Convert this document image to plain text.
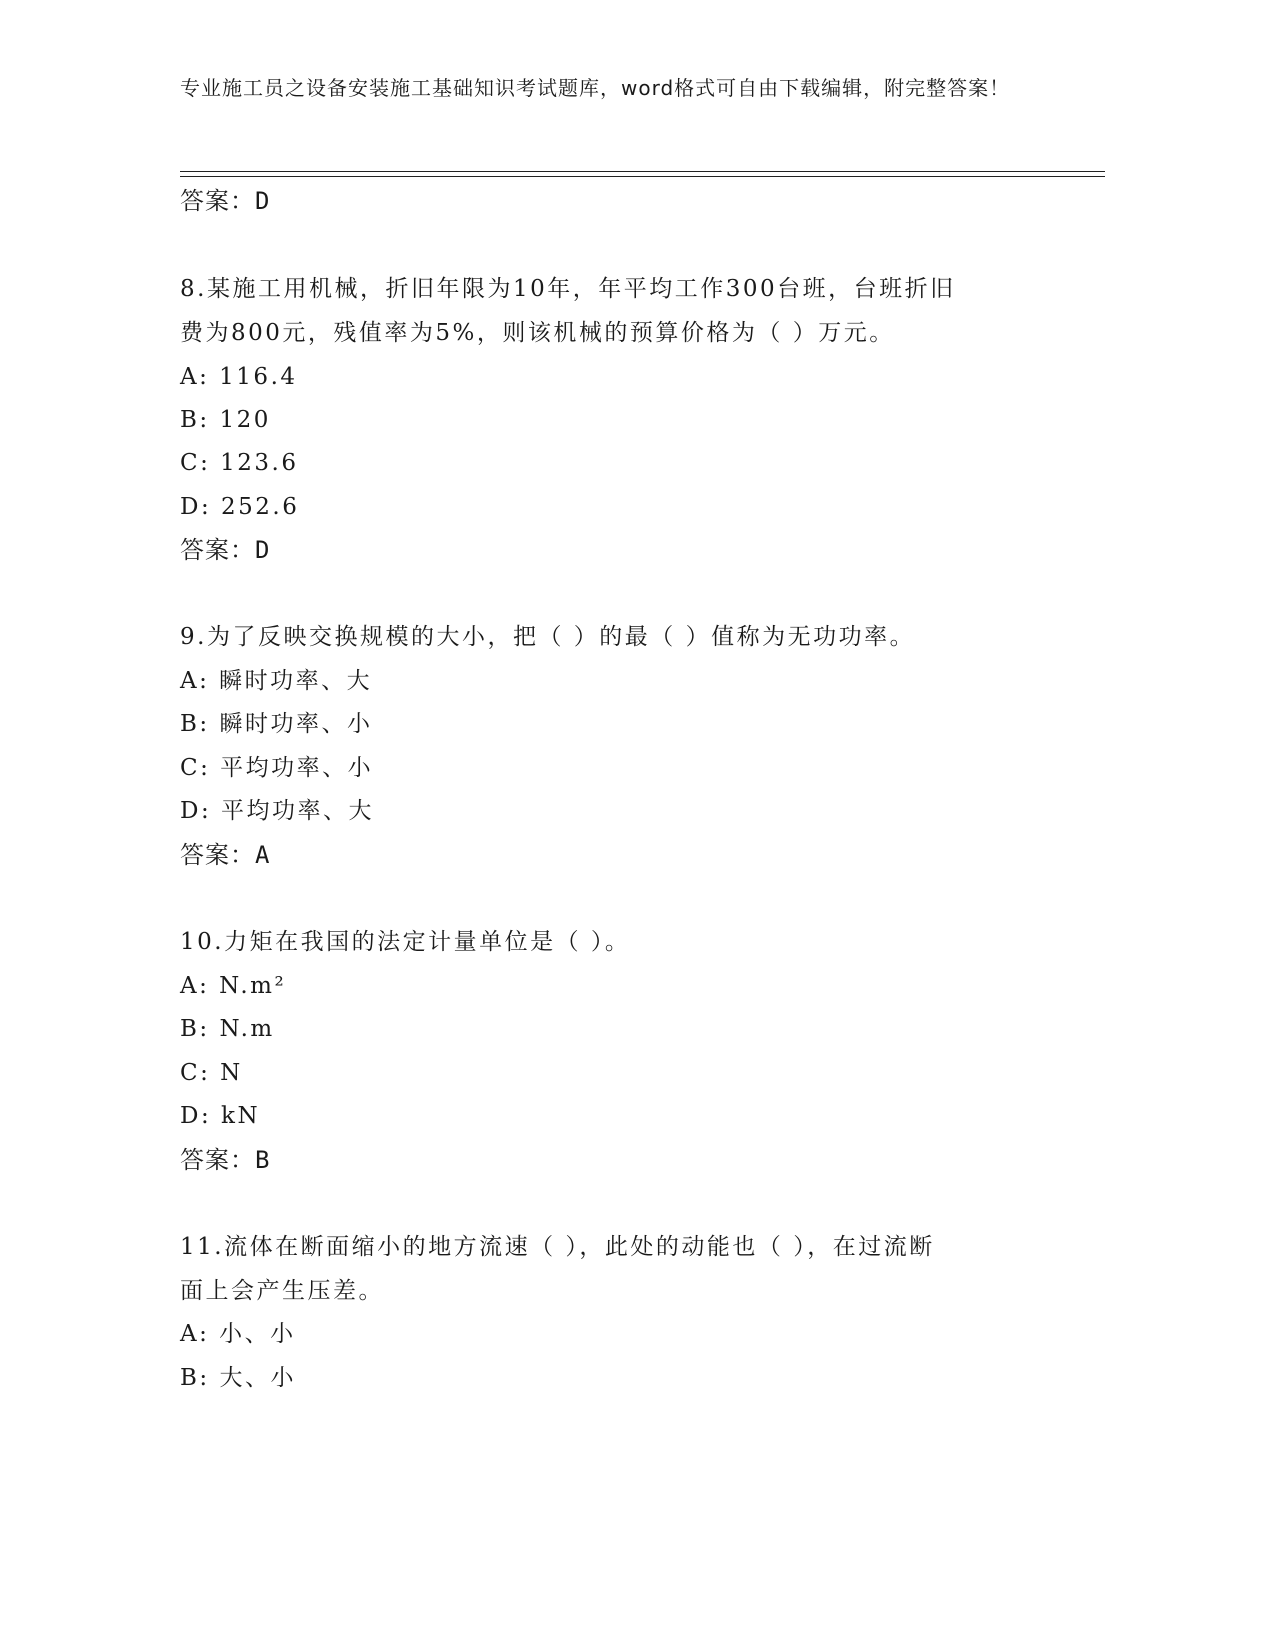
专业施工员之设备安装施工基础知识考试题库，word格式可自由下载编辑，附完整答案！
答案：D
8.某施工用机械，折旧年限为10年，年平均工作300台班，台班折旧
费为800元，残值率为5%，则该机械的预算价格为（ ）万元。
A: 116.4
B: 120
C: 123.6
D: 252.6
答案：D
9.为了反映交换规模的大小，把（ ）的最（ ）值称为无功功率。
A: 瞬时功率、大
B: 瞬时功率、小
C: 平均功率、小
D: 平均功率、大
答案：A
10.力矩在我国的法定计量单位是（ ）。
A: N.m²
B: N.m
C: N
D: kN
答案：B
11.流体在断面缩小的地方流速（ ），此处的动能也（ ），在过流断
面上会产生压差。
A: 小、小
B: 大、小
